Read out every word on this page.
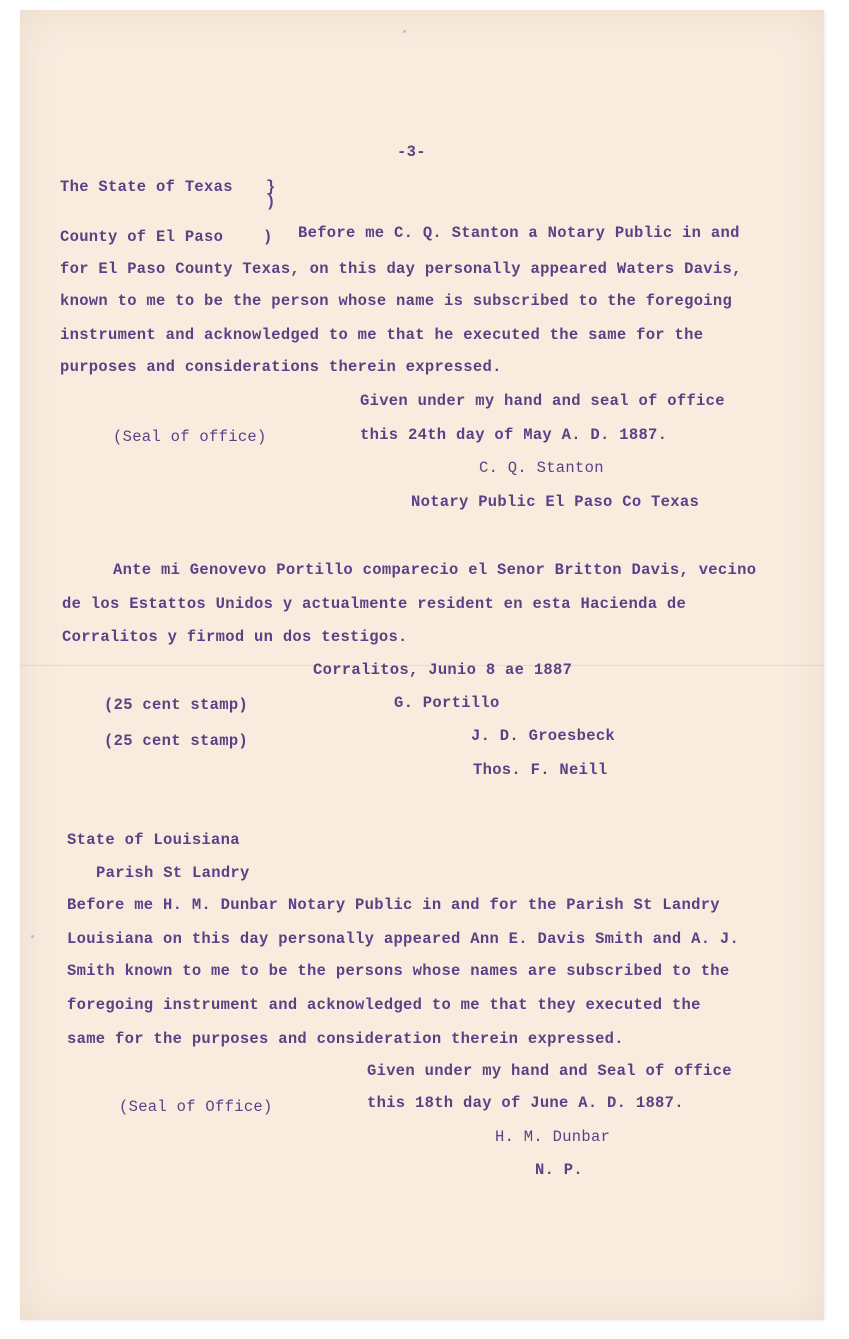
-3-
The State of Texas }
)
County of El Paso	) Before me C. Q. Stanton a Notary Public in and
for El Paso County Texas, on this day personally appeared Waters Davis,
known to me to be the person whose name is subscribed to the foregoing
instrument and acknowledged to me that he executed the same for the
purposes and considerations therein expressed.
Given under my hand and seal of office
(Seal of office)	this 24th day of May A. D. 1887.
C. Q. Stanton
Notary Public El Paso Co Texas
Ante mi Genovevo Portillo comparecio el Senor Britton Davis, vecino
de los Estattos Unidos y actualmente resident en esta Hacienda de
Corralitos y firmod un dos testigos.
Corralitos, Junio 8 ae 1887
(25 cent stamp)	G. Portillo
(25 cent stamp)	J. D. Groesbeck
Thos. F. Neill
State of Louisiana
Parish St Landry
Before me H. M. Dunbar Notary Public in and for the Parish St Landry
Louisiana on this day personally appeared Ann E. Davis Smith and A. J.
Smith known to me to be the persons whose names are subscribed to the
foregoing instrument and acknowledged to me that they executed the
same for the purposes and consideration therein expressed.
Given under my hand and Seal of office
(Seal of Office)	this 18th day of June A. D. 1887.
H. M. Dunbar
N. P.
